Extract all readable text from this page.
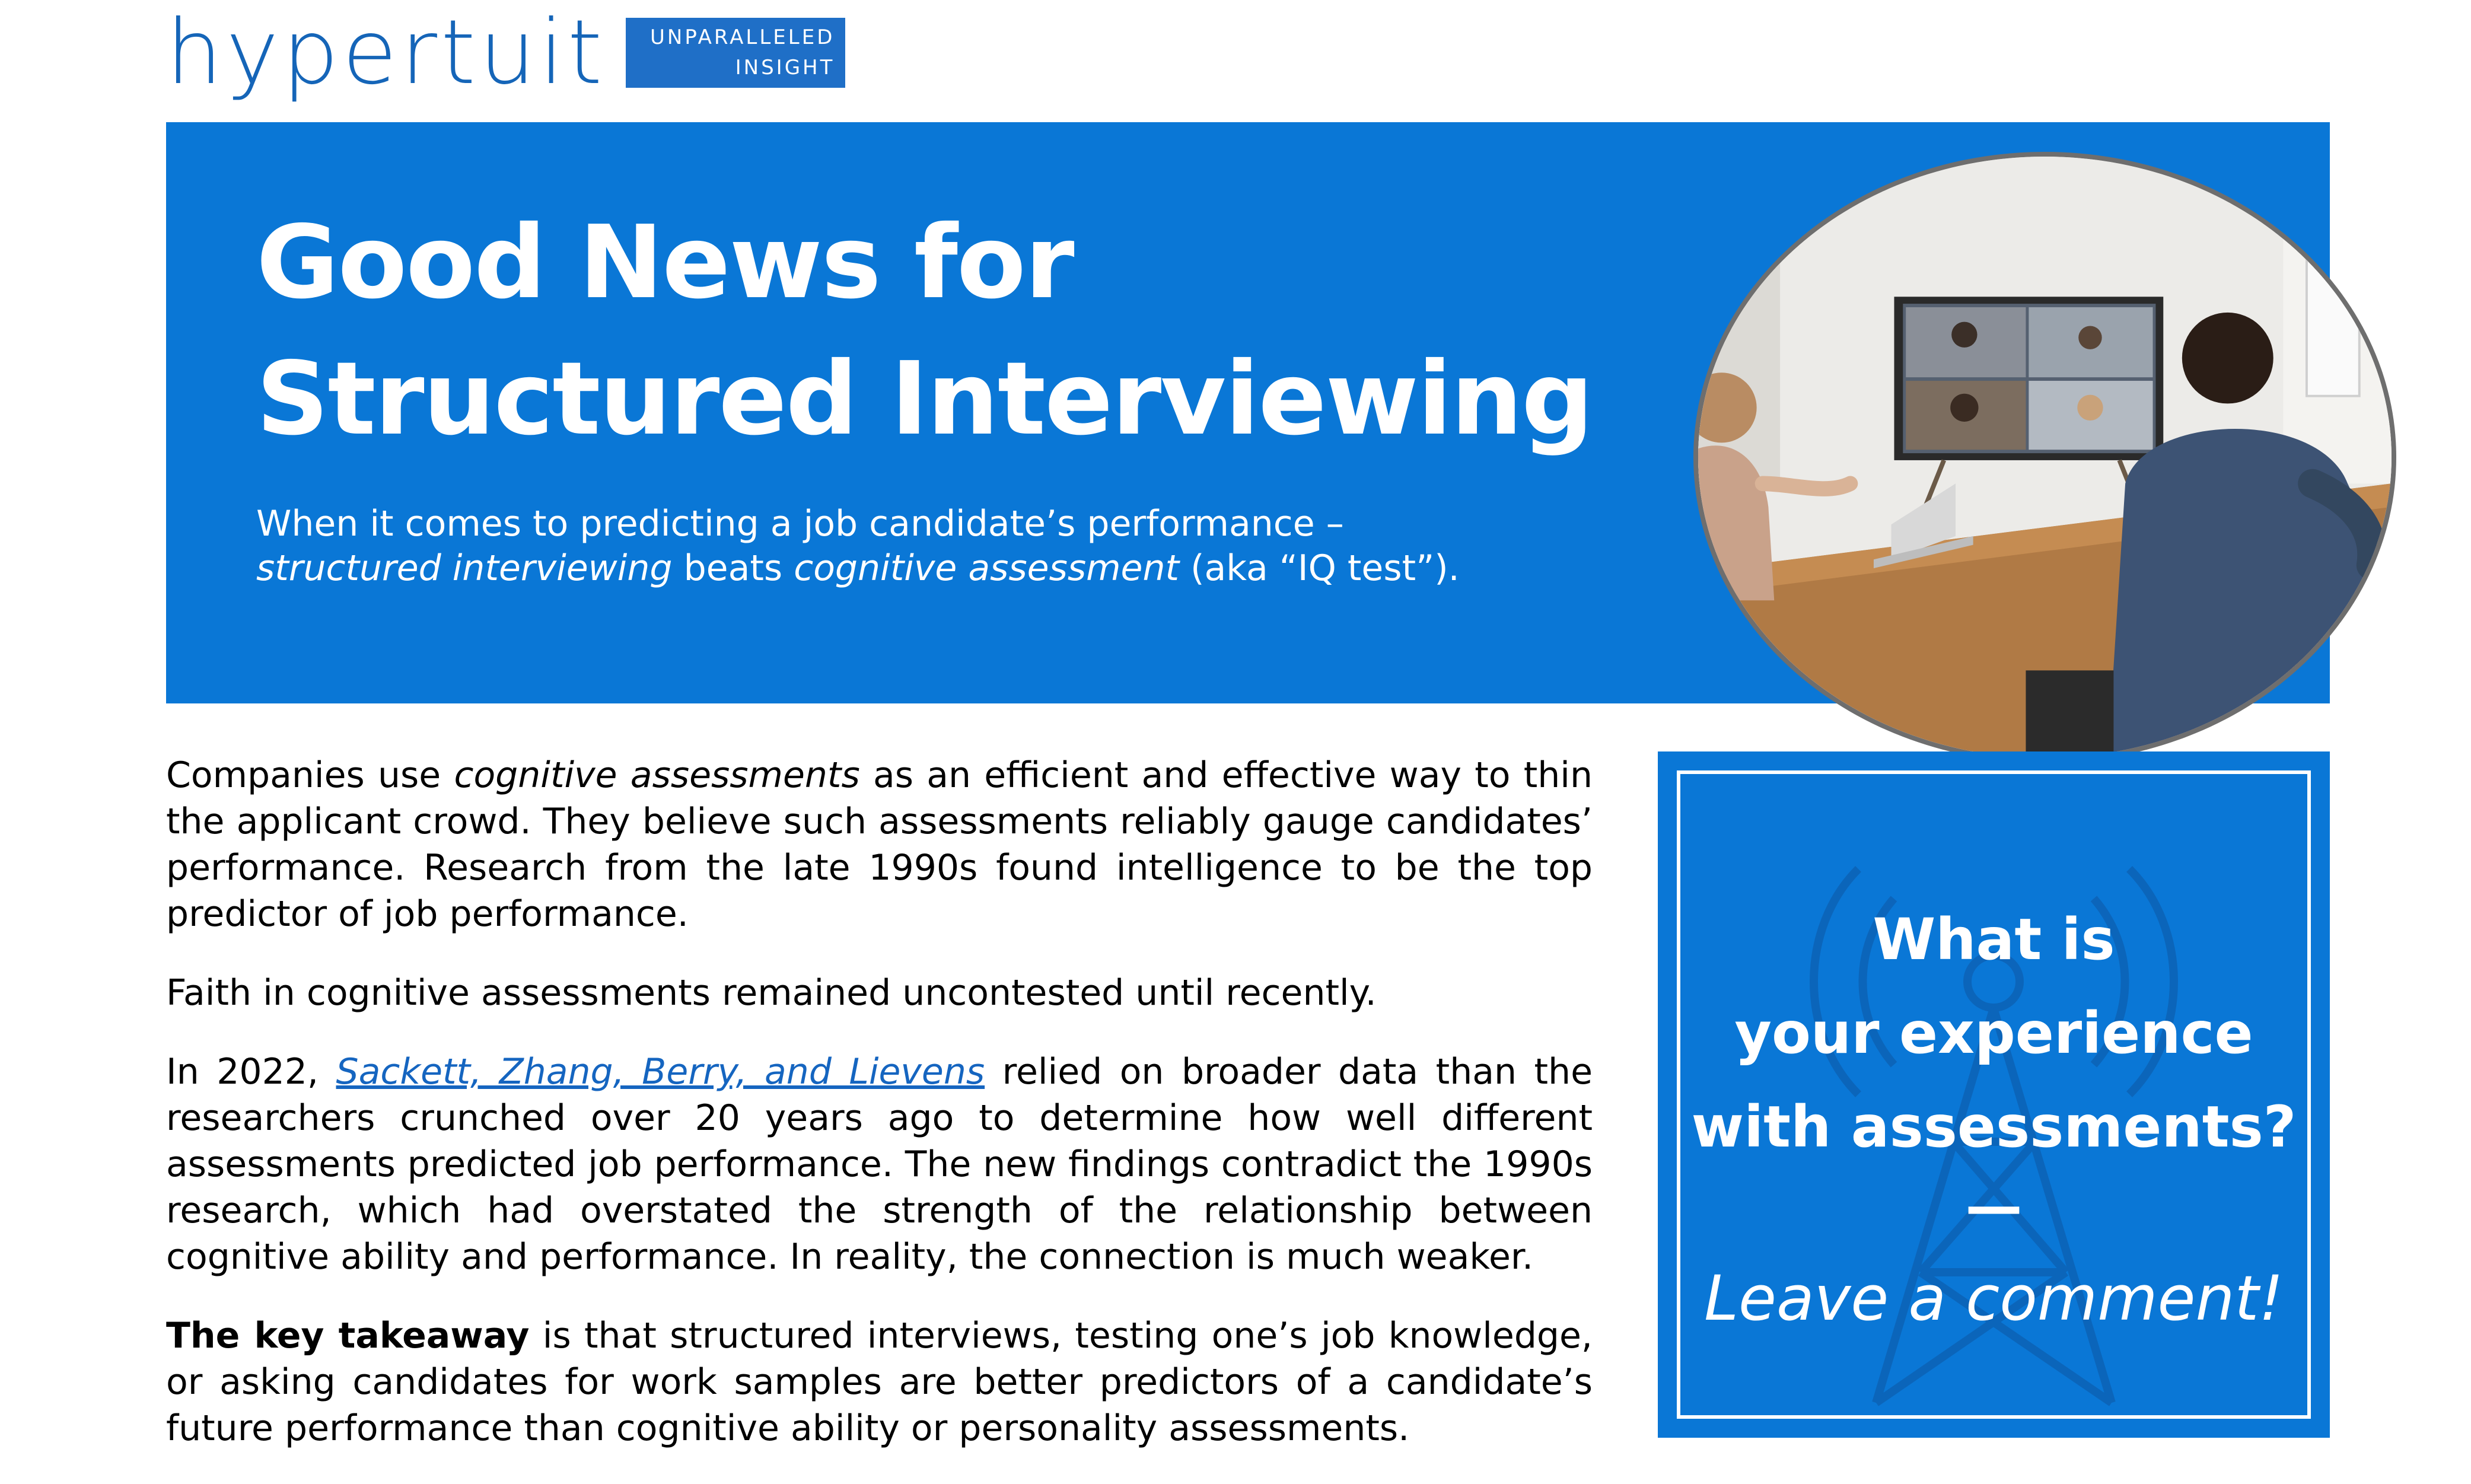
hypertuit UNPARALLELED
INSIGHT
Good News for
Structured Interviewing

When it comes to predicting a job candidate’s performance –
structured interviewing beats cognitive assessment (aka “IQ test”).

Companies use cognitive assessments as an efficient and effective way to thin the applicant crowd. They believe such assessments reliably gauge candidates’ performance. Research from the late 1990s found intelligence to be the top predictor of job performance.

Faith in cognitive assessments remained uncontested until recently.

In 2022, Sackett, Zhang, Berry, and Lievens relied on broader data than the researchers crunched over 20 years ago to determine how well different assessments predicted job performance. The new findings contradict the 1990s research, which had overstated the strength of the relationship between cognitive ability and performance. In reality, the connection is much weaker.

The key takeaway is that structured interviews, testing one’s job knowledge, or asking candidates for work samples are better predictors of a candidate’s future performance than cognitive ability or personality assessments.

What is
your experience
with assessments?
—
Leave a comment!
